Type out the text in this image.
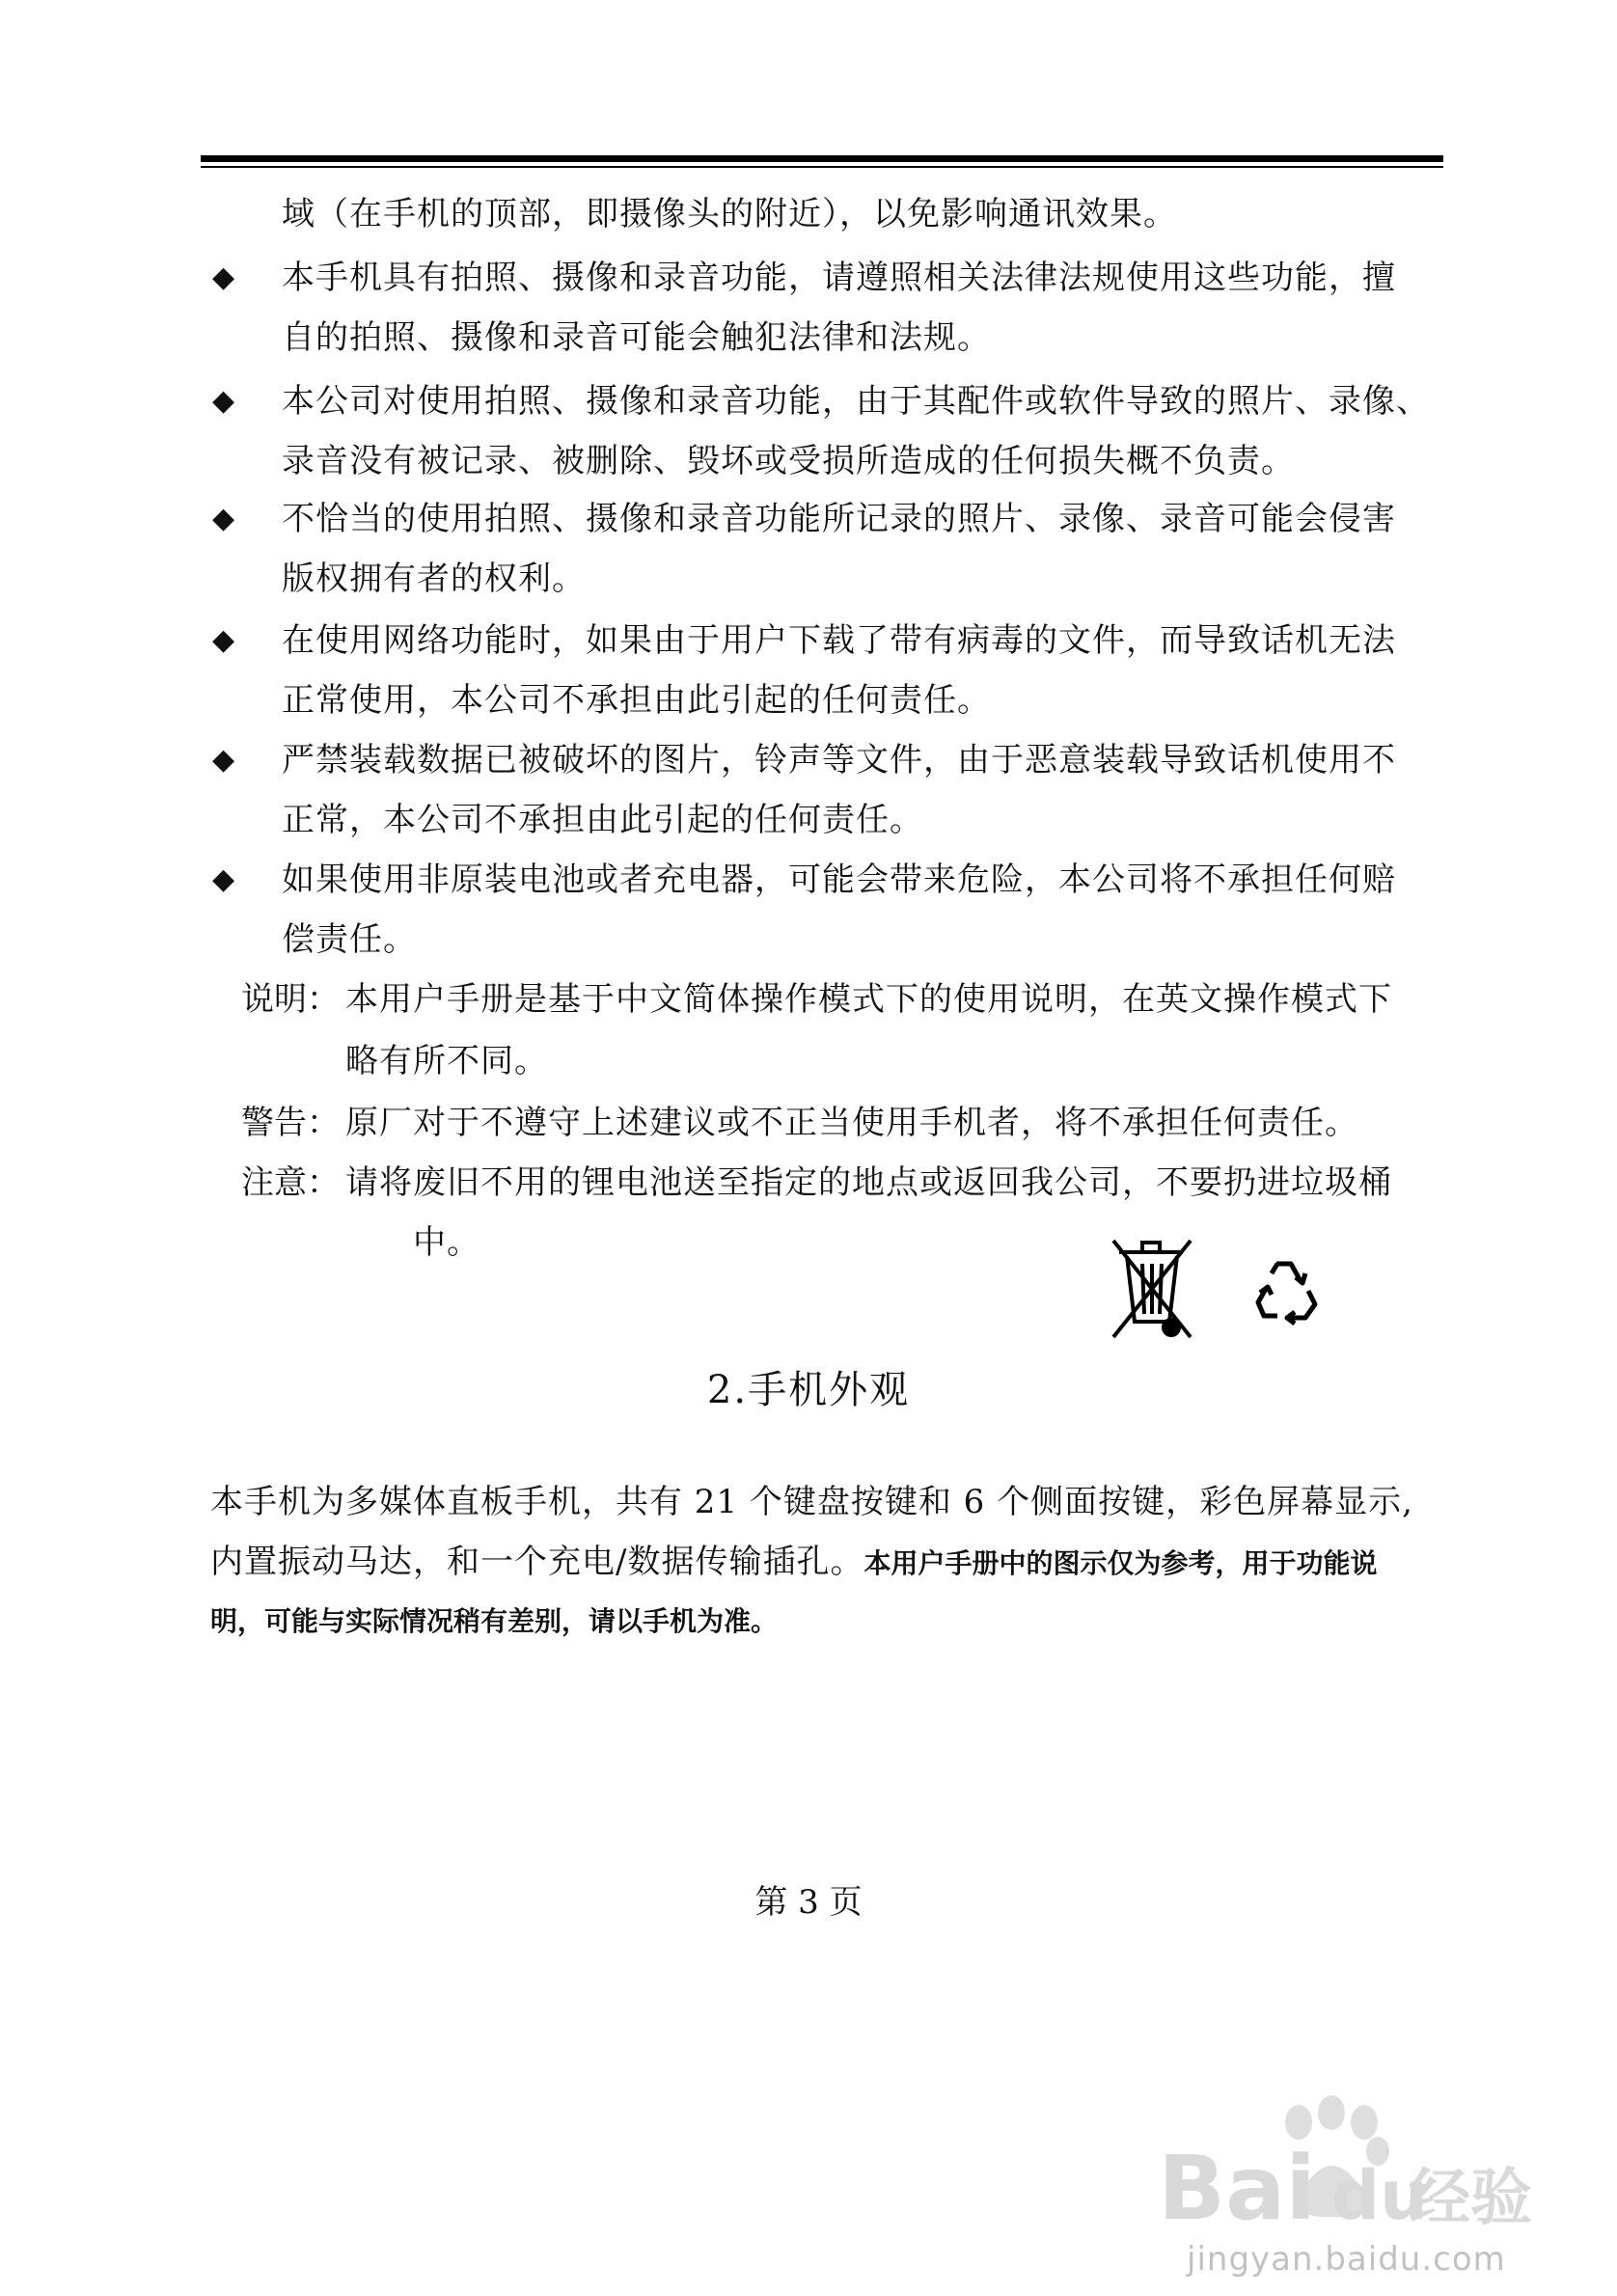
域（在手机的顶部，即摄像头的附近），以免影响通讯效果。
◆ 本手机具有拍照、摄像和录音功能，请遵照相关法律法规使用这些功能，擅
自的拍照、摄像和录音可能会触犯法律和法规。
◆ 本公司对使用拍照、摄像和录音功能，由于其配件或软件导致的照片、录像、
录音没有被记录、被删除、毁坏或受损所造成的任何损失概不负责。
◆ 不恰当的使用拍照、摄像和录音功能所记录的照片、录像、录音可能会侵害
版权拥有者的权利。
◆ 在使用网络功能时，如果由于用户下载了带有病毒的文件，而导致话机无法
正常使用，本公司不承担由此引起的任何责任。
◆ 严禁装载数据已被破坏的图片，铃声等文件，由于恶意装载导致话机使用不
正常，本公司不承担由此引起的任何责任。
◆ 如果使用非原装电池或者充电器，可能会带来危险，本公司将不承担任何赔
偿责任。
说明： 本用户手册是基于中文简体操作模式下的使用说明，在英文操作模式下
略有所不同。
警告： 原厂对于不遵守上述建议或不正当使用手机者，将不承担任何责任。
注意： 请将废旧不用的锂电池送至指定的地点或返回我公司，不要扔进垃圾桶
中。
2.手机外观
本手机为多媒体直板手机，共有 21 个键盘按键和 6 个侧面按键，彩色屏幕显示,
内置振动马达，和一个充电/数据传输插孔。本用户手册中的图示仅为参考，用于功能说
明，可能与实际情况稍有差别，请以手机为准。
第 3 页
Bai du
经验
jingyan.baidu.com
